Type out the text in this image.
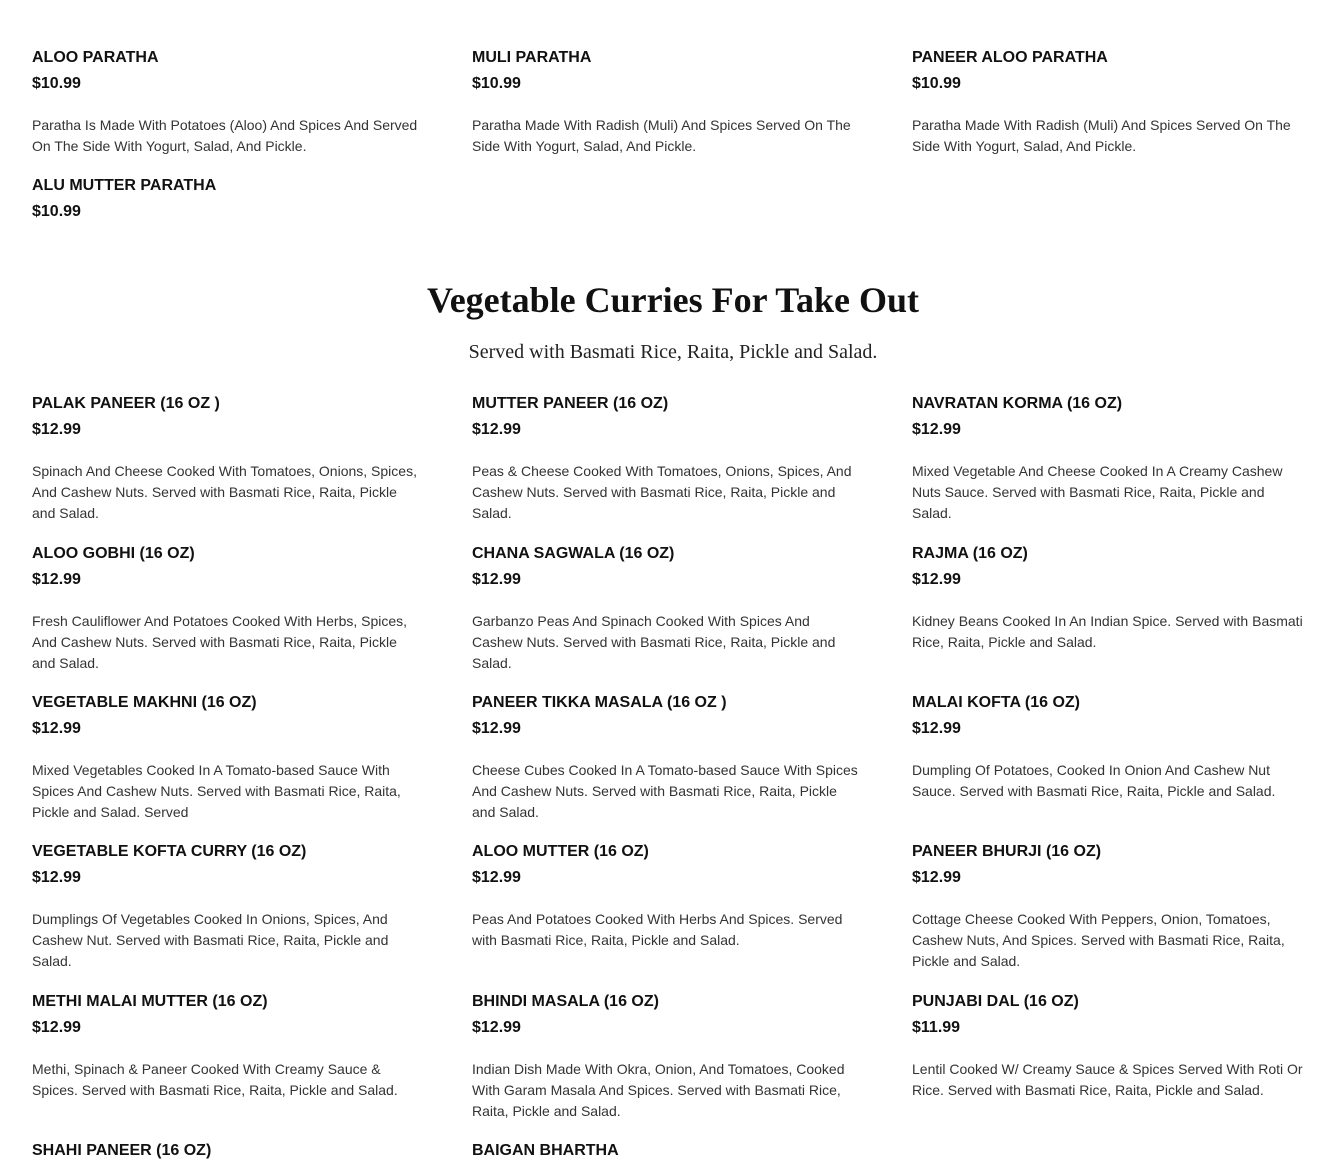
ALOO PARATHA
$10.99
Paratha Is Made With Potatoes (Aloo) And Spices And Served On The Side With Yogurt, Salad, And Pickle.
MULI PARATHA
$10.99
Paratha Made With Radish (Muli) And Spices Served On The Side With Yogurt, Salad, And Pickle.
PANEER ALOO PARATHA
$10.99
Paratha Made With Radish (Muli) And Spices Served On The Side With Yogurt, Salad, And Pickle.
ALU MUTTER PARATHA
$10.99
Vegetable Curries For Take Out
Served with Basmati Rice, Raita, Pickle and Salad.
PALAK PANEER (16 OZ )
$12.99
Spinach And Cheese Cooked With Tomatoes, Onions, Spices, And Cashew Nuts. Served with Basmati Rice, Raita, Pickle and Salad.
MUTTER PANEER (16 OZ)
$12.99
Peas & Cheese Cooked With Tomatoes, Onions, Spices, And Cashew Nuts. Served with Basmati Rice, Raita, Pickle and Salad.
NAVRATAN KORMA (16 OZ)
$12.99
Mixed Vegetable And Cheese Cooked In A Creamy Cashew Nuts Sauce. Served with Basmati Rice, Raita, Pickle and Salad.
ALOO GOBHI (16 OZ)
$12.99
Fresh Cauliflower And Potatoes Cooked With Herbs, Spices, And Cashew Nuts. Served with Basmati Rice, Raita, Pickle and Salad.
CHANA SAGWALA (16 OZ)
$12.99
Garbanzo Peas And Spinach Cooked With Spices And Cashew Nuts. Served with Basmati Rice, Raita, Pickle and Salad.
RAJMA (16 OZ)
$12.99
Kidney Beans Cooked In An Indian Spice. Served with Basmati Rice, Raita, Pickle and Salad.
VEGETABLE MAKHNI (16 OZ)
$12.99
Mixed Vegetables Cooked In A Tomato-based Sauce With Spices And Cashew Nuts. Served with Basmati Rice, Raita, Pickle and Salad. Served
PANEER TIKKA MASALA (16 OZ )
$12.99
Cheese Cubes Cooked In A Tomato-based Sauce With Spices And Cashew Nuts. Served with Basmati Rice, Raita, Pickle and Salad.
MALAI KOFTA (16 OZ)
$12.99
Dumpling Of Potatoes, Cooked In Onion And Cashew Nut Sauce. Served with Basmati Rice, Raita, Pickle and Salad.
VEGETABLE KOFTA CURRY (16 OZ)
$12.99
Dumplings Of Vegetables Cooked In Onions, Spices, And Cashew Nut. Served with Basmati Rice, Raita, Pickle and Salad.
ALOO MUTTER (16 OZ)
$12.99
Peas And Potatoes Cooked With Herbs And Spices. Served with Basmati Rice, Raita, Pickle and Salad.
PANEER BHURJI (16 OZ)
$12.99
Cottage Cheese Cooked With Peppers, Onion, Tomatoes, Cashew Nuts, And Spices. Served with Basmati Rice, Raita, Pickle and Salad.
METHI MALAI MUTTER (16 OZ)
$12.99
Methi, Spinach & Paneer Cooked With Creamy Sauce & Spices. Served with Basmati Rice, Raita, Pickle and Salad.
BHINDI MASALA (16 OZ)
$12.99
Indian Dish Made With Okra, Onion, And Tomatoes, Cooked With Garam Masala And Spices. Served with Basmati Rice, Raita, Pickle and Salad.
PUNJABI DAL (16 OZ)
$11.99
Lentil Cooked W/ Creamy Sauce & Spices Served With Roti Or Rice. Served with Basmati Rice, Raita, Pickle and Salad.
SHAHI PANEER (16 OZ)	BAIGAN BHARTHA
